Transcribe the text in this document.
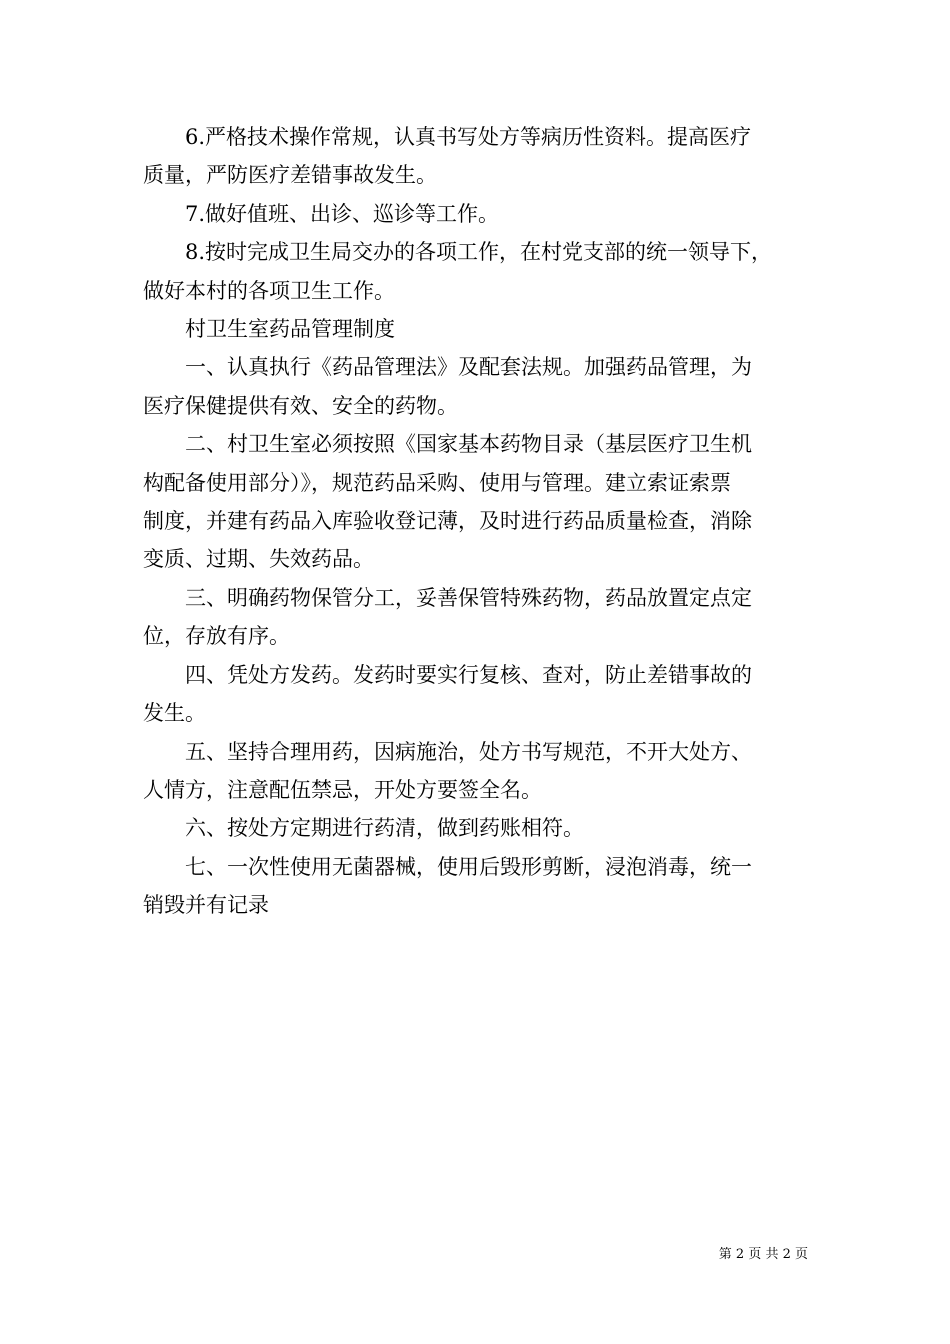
6.严格技术操作常规，认真书写处方等病历性资料。提高医疗
质量，严防医疗差错事故发生。

7.做好值班、出诊、巡诊等工作。

8.按时完成卫生局交办的各项工作，在村党支部的统一领导下，
做好本村的各项卫生工作。

村卫生室药品管理制度

一、认真执行《药品管理法》及配套法规。加强药品管理，为
医疗保健提供有效、安全的药物。

二、村卫生室必须按照《国家基本药物目录（基层医疗卫生机
构配备使用部分）》，规范药品采购、使用与管理。建立索证索票
制度，并建有药品入库验收登记薄，及时进行药品质量检查，消除
变质、过期、失效药品。

三、明确药物保管分工，妥善保管特殊药物，药品放置定点定
位，存放有序。

四、凭处方发药。发药时要实行复核、查对，防止差错事故的
发生。

五、坚持合理用药，因病施治，处方书写规范，不开大处方、
人情方，注意配伍禁忌，开处方要签全名。

六、按处方定期进行药清，做到药账相符。

七、一次性使用无菌器械，使用后毁形剪断，浸泡消毒，统一
销毁并有记录

第 2 页 共 2 页
